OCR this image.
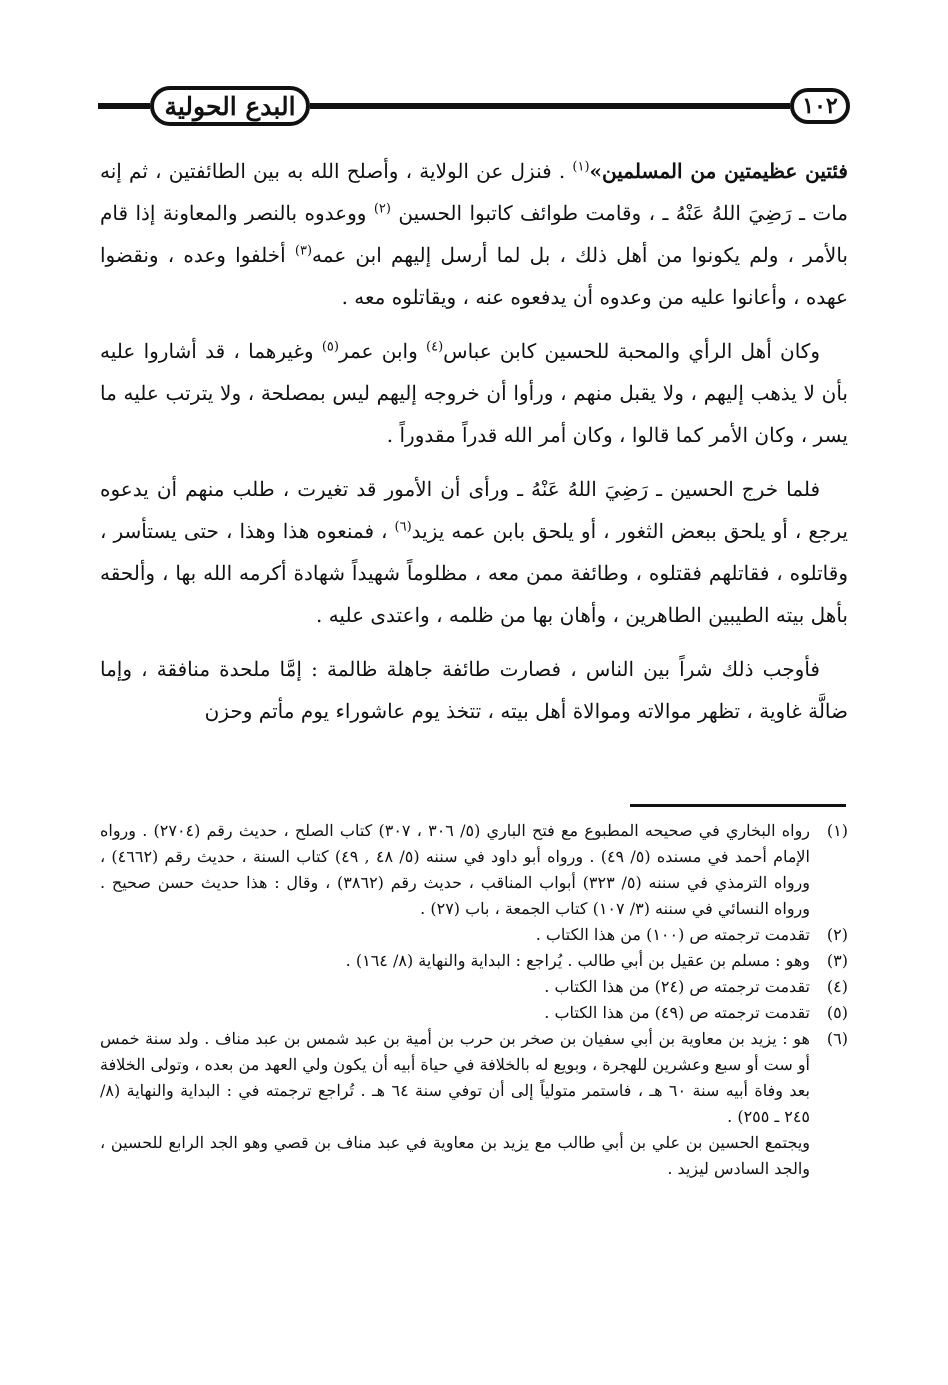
البدع الحولية	١٠٢

فئتين عظيمتين من المسلمين»$^{(١)}$ . فنزل عن الولاية ، وأصلح الله به بين الطائفتين ، ثم إنه مات ـ رَضِيَ اللهُ عَنْهُ ـ ، وقامت طوائف كاتبوا الحسين $^{(٢)}$ ووعدوه بالنصر والمعاونة إذا قام بالأمر ، ولم يكونوا من أهل ذلك ، بل لما أرسل إليهم ابن عمه$^{(٣)}$ أخلفوا وعده ، ونقضوا عهده ، وأعانوا عليه من وعدوه أن يدفعوه عنه ، ويقاتلوه معه .

وكان أهل الرأي والمحبة للحسين كابن عباس$^{(٤)}$ وابن عمر$^{(٥)}$ وغيرهما ، قد أشاروا عليه بأن لا يذهب إليهم ، ولا يقبل منهم ، ورأوا أن خروجه إليهم ليس بمصلحة ، ولا يترتب عليه ما يسر ، وكان الأمر كما قالوا ، وكان أمر الله قدراً مقدوراً .

فلما خرج الحسين ـ رَضِيَ اللهُ عَنْهُ ـ ورأى أن الأمور قد تغيرت ، طلب منهم أن يدعوه يرجع ، أو يلحق ببعض الثغور ، أو يلحق بابن عمه يزيد$^{(٦)}$ ، فمنعوه هذا وهذا ، حتى يستأسر ، وقاتلوه ، فقاتلهم فقتلوه ، وطائفة ممن معه ، مظلوماً شهيداً شهادة أكرمه الله بها ، وألحقه بأهل بيته الطيبين الطاهرين ، وأهان بها من ظلمه ، واعتدى عليه .

فأوجب ذلك شراً بين الناس ، فصارت طائفة جاهلة ظالمة : إمَّا ملحدة منافقة ، وإما ضالَّة غاوية ، تظهر موالاته وموالاة أهل بيته ، تتخذ يوم عاشوراء يوم مأتم وحزن

(١)
رواه البخاري في صحيحه المطبوع مع فتح الباري (٥/ ٣٠٦ ، ٣٠٧) كتاب الصلح ، حديث رقم (٢٧٠٤) . ورواه الإمام أحمد في مسنده (٥/ ٤٩) . ورواه أبو داود في سننه (٥/ ٤٨ , ٤٩) كتاب السنة ، حديث رقم (٤٦٦٢) ، ورواه الترمذي في سننه (٥/ ٣٢٣) أبواب المناقب ، حديث رقم (٣٨٦٢) ، وقال : هذا حديث حسن صحيح . ورواه النسائي في سننه (٣/ ١٠٧) كتاب الجمعة ، باب (٢٧) .
(٢)
تقدمت ترجمته ص (١٠٠) من هذا الكتاب .
(٣)
وهو : مسلم بن عقيل بن أبي طالب . يُراجع : البداية والنهاية (٨/ ١٦٤) .
(٤)
تقدمت ترجمته ص (٢٤) من هذا الكتاب .
(٥)
تقدمت ترجمته ص (٤٩) من هذا الكتاب .
(٦)
هو : يزيد بن معاوية بن أبي سفيان بن صخر بن حرب بن أمية بن عبد شمس بن عبد مناف . ولد سنة خمس أو ست أو سبع وعشرين للهجرة ، وبويع له بالخلافة في حياة أبيه أن يكون ولي العهد من بعده ، وتولى الخلافة بعد وفاة أبيه سنة ٦٠ هـ ، فاستمر متولياً إلى أن توفي سنة ٦٤ هـ . تُراجع ترجمته في : البداية والنهاية (٨/ ٢٤٥ ـ ٢٥٥) .
ويجتمع الحسين بن علي بن أبي طالب مع يزيد بن معاوية في عبد مناف بن قصي وهو الجد الرابع للحسين ، والجد السادس ليزيد .
